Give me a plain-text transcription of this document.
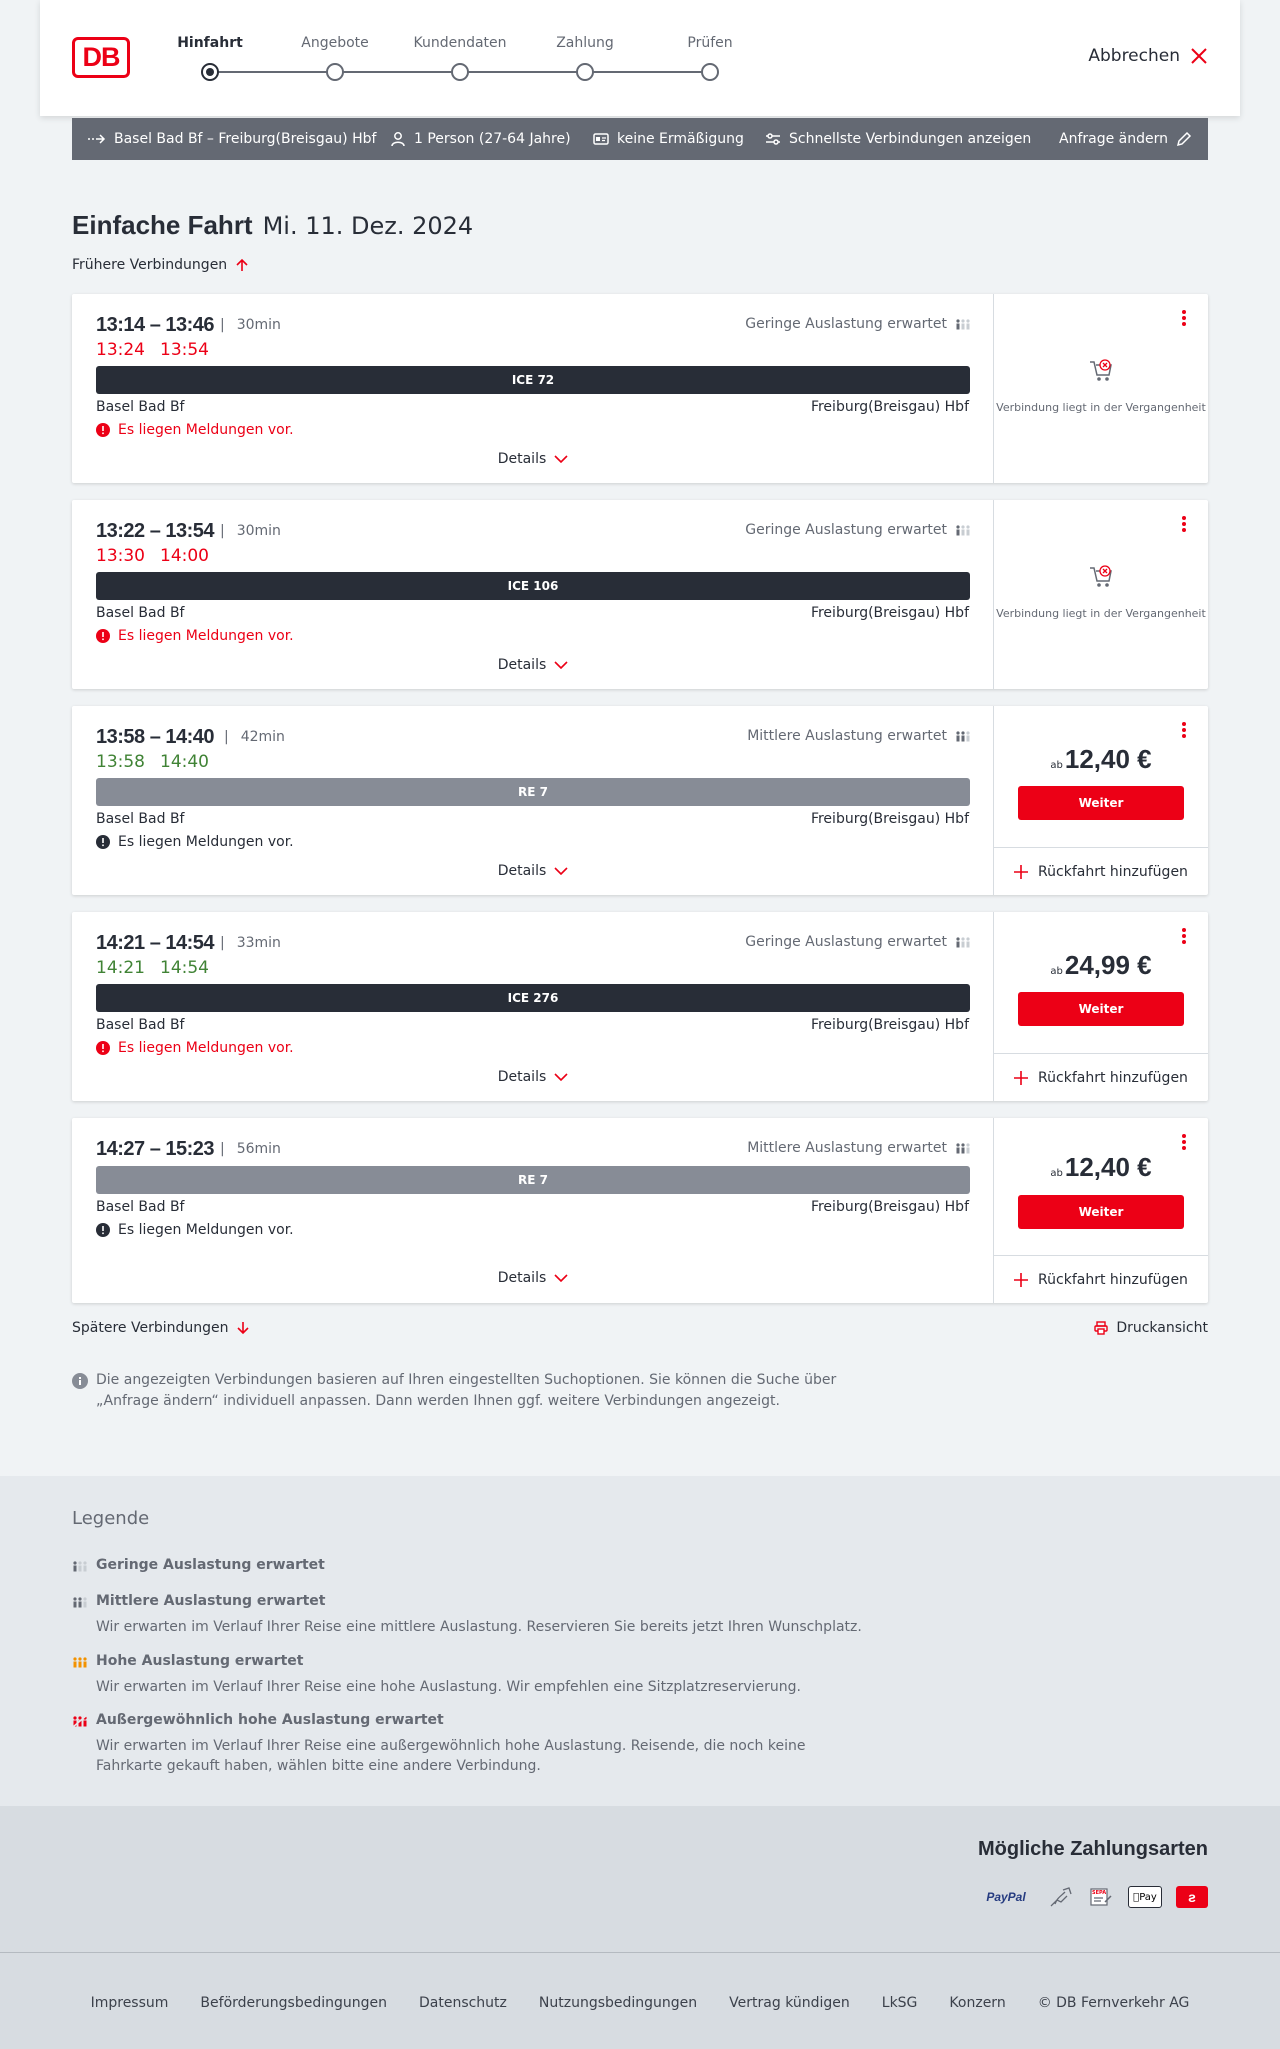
DB	Hinfahrt	Angebote	Kundendaten	Zahlung	Prüfen
Abbrechen
Basel Bad Bf – Freiburg(Breisgau) Hbf	1 Person (27-64 Jahre)	keine Ermäßigung	Schnellste Verbindungen anzeigen Anfrage ändern
Einfache Fahrt Mi. 11. Dez. 2024
Frühere Verbindungen
13:14 – 13:46	| 30min
13:24 13:54
Geringe Auslastung erwartet
ICE 72
Basel Bad Bf	Freiburg(Breisgau) Hbf
Es liegen Meldungen vor.
Details
Verbindung liegt in der Vergangenheit
13:22 – 13:54	| 30min
13:30 14:00
Geringe Auslastung erwartet
ICE 106
Basel Bad Bf	Freiburg(Breisgau) Hbf
Es liegen Meldungen vor.
Details
Verbindung liegt in der Vergangenheit
13:58 – 14:40	| 42min
13:58 14:40
Mittlere Auslastung erwartet
RE 7
Basel Bad Bf	Freiburg(Breisgau) Hbf
Es liegen Meldungen vor.
Details
ab12,40 €
Weiter
Rückfahrt hinzufügen
14:21 – 14:54	| 33min
14:21 14:54
Geringe Auslastung erwartet
ICE 276
Basel Bad Bf	Freiburg(Breisgau) Hbf
Es liegen Meldungen vor.
Details
ab24,99 €
Weiter
Rückfahrt hinzufügen
14:27 – 15:23	| 56min	Mittlere Auslastung erwartet
RE 7
Basel Bad Bf	Freiburg(Breisgau) Hbf
Es liegen Meldungen vor.
Details
ab12,40 €
Weiter
Rückfahrt hinzufügen
Spätere Verbindungen	Druckansicht
Die angezeigten Verbindungen basieren auf Ihren eingestellten Suchoptionen. Sie können die Suche über „Anfrage ändern“ individuell anpassen. Dann werden Ihnen ggf. weitere Verbindungen angezeigt.
Legende
Geringe Auslastung erwartet
Mittlere Auslastung erwartet
Wir erwarten im Verlauf Ihrer Reise eine mittlere Auslastung. Reservieren Sie bereits jetzt Ihren Wunschplatz.
Hohe Auslastung erwartet
Wir erwarten im Verlauf Ihrer Reise eine hohe Auslastung. Wir empfehlen eine Sitzplatzreservierung.
Außergewöhnlich hohe Auslastung erwartet
Wir erwarten im Verlauf Ihrer Reise eine außergewöhnlich hohe Auslastung. Reisende, die noch keine Fahrkarte gekauft haben, wählen bitte eine andere Verbindung.
Mögliche Zahlungsarten
PayPal	SEPA	Pay ƨ
Impressum Beförderungsbedingungen Datenschutz Nutzungsbedingungen Vertrag kündigen LkSG Konzern © DB Fernverkehr AG
